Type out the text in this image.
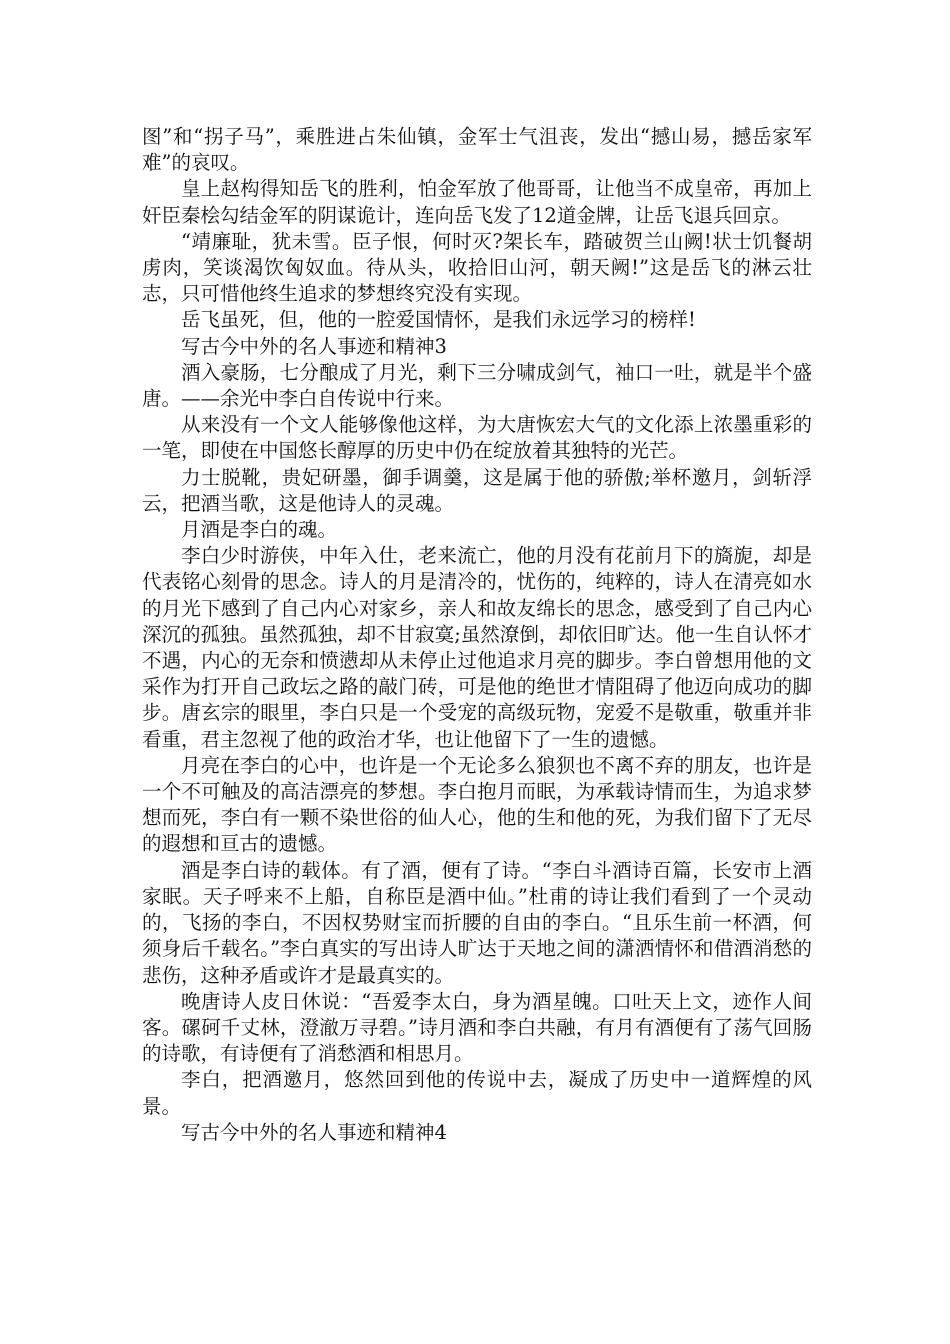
图”和“拐子马”，乘胜进占朱仙镇，金军士气沮丧，发出“撼山易，撼岳家军难”的哀叹。

皇上赵构得知岳飞的胜利，怕金军放了他哥哥，让他当不成皇帝，再加上奸臣秦桧勾结金军的阴谋诡计，连向岳飞发了12道金牌，让岳飞退兵回京。

“靖廉耻，犹未雪。臣子恨，何时灭?架长车，踏破贺兰山阙!状士饥餐胡虏肉，笑谈渴饮匈奴血。待从头，收拾旧山河，朝天阙!”这是岳飞的淋云壮志，只可惜他终生追求的梦想终究没有实现。

岳飞虽死，但，他的一腔爱国情怀，是我们永远学习的榜样!

写古今中外的名人事迹和精神3

酒入豪肠，七分酿成了月光，剩下三分啸成剑气，袖口一吐，就是半个盛唐。——余光中李白自传说中行来。

从来没有一个文人能够像他这样，为大唐恢宏大气的文化添上浓墨重彩的一笔，即使在中国悠长醇厚的历史中仍在绽放着其独特的光芒。

力士脱靴，贵妃研墨，御手调羹，这是属于他的骄傲;举杯邀月，剑斩浮云，把酒当歌，这是他诗人的灵魂。

月酒是李白的魂。

李白少时游侠，中年入仕，老来流亡，他的月没有花前月下的旖旎，却是代表铭心刻骨的思念。诗人的月是清冷的，忧伤的，纯粹的，诗人在清亮如水的月光下感到了自己内心对家乡，亲人和故友绵长的思念，感受到了自己内心深沉的孤独。虽然孤独，却不甘寂寞;虽然潦倒，却依旧旷达。他一生自认怀才不遇，内心的无奈和愤懑却从未停止过他追求月亮的脚步。李白曾想用他的文采作为打开自己政坛之路的敲门砖，可是他的绝世才情阻碍了他迈向成功的脚步。唐玄宗的眼里，李白只是一个受宠的高级玩物，宠爱不是敬重，敬重并非看重，君主忽视了他的政治才华，也让他留下了一生的遗憾。

月亮在李白的心中，也许是一个无论多么狼狈也不离不弃的朋友，也许是一个不可触及的高洁漂亮的梦想。李白抱月而眠，为承载诗情而生，为追求梦想而死，李白有一颗不染世俗的仙人心，他的生和他的死，为我们留下了无尽的遐想和亘古的遗憾。

酒是李白诗的载体。有了酒，便有了诗。“李白斗酒诗百篇，长安市上酒家眠。天子呼来不上船，自称臣是酒中仙。”杜甫的诗让我们看到了一个灵动的，飞扬的李白，不因权势财宝而折腰的自由的李白。“且乐生前一杯酒，何须身后千载名。”李白真实的写出诗人旷达于天地之间的潇洒情怀和借酒消愁的悲伤，这种矛盾或许才是最真实的。

晚唐诗人皮日休说：“吾爱李太白，身为酒星魄。口吐天上文，迹作人间客。磥砢千丈林，澄澈万寻碧。”诗月酒和李白共融，有月有酒便有了荡气回肠的诗歌，有诗便有了消愁酒和相思月。

李白，把酒邀月，悠然回到他的传说中去，凝成了历史中一道辉煌的风景。

写古今中外的名人事迹和精神4
